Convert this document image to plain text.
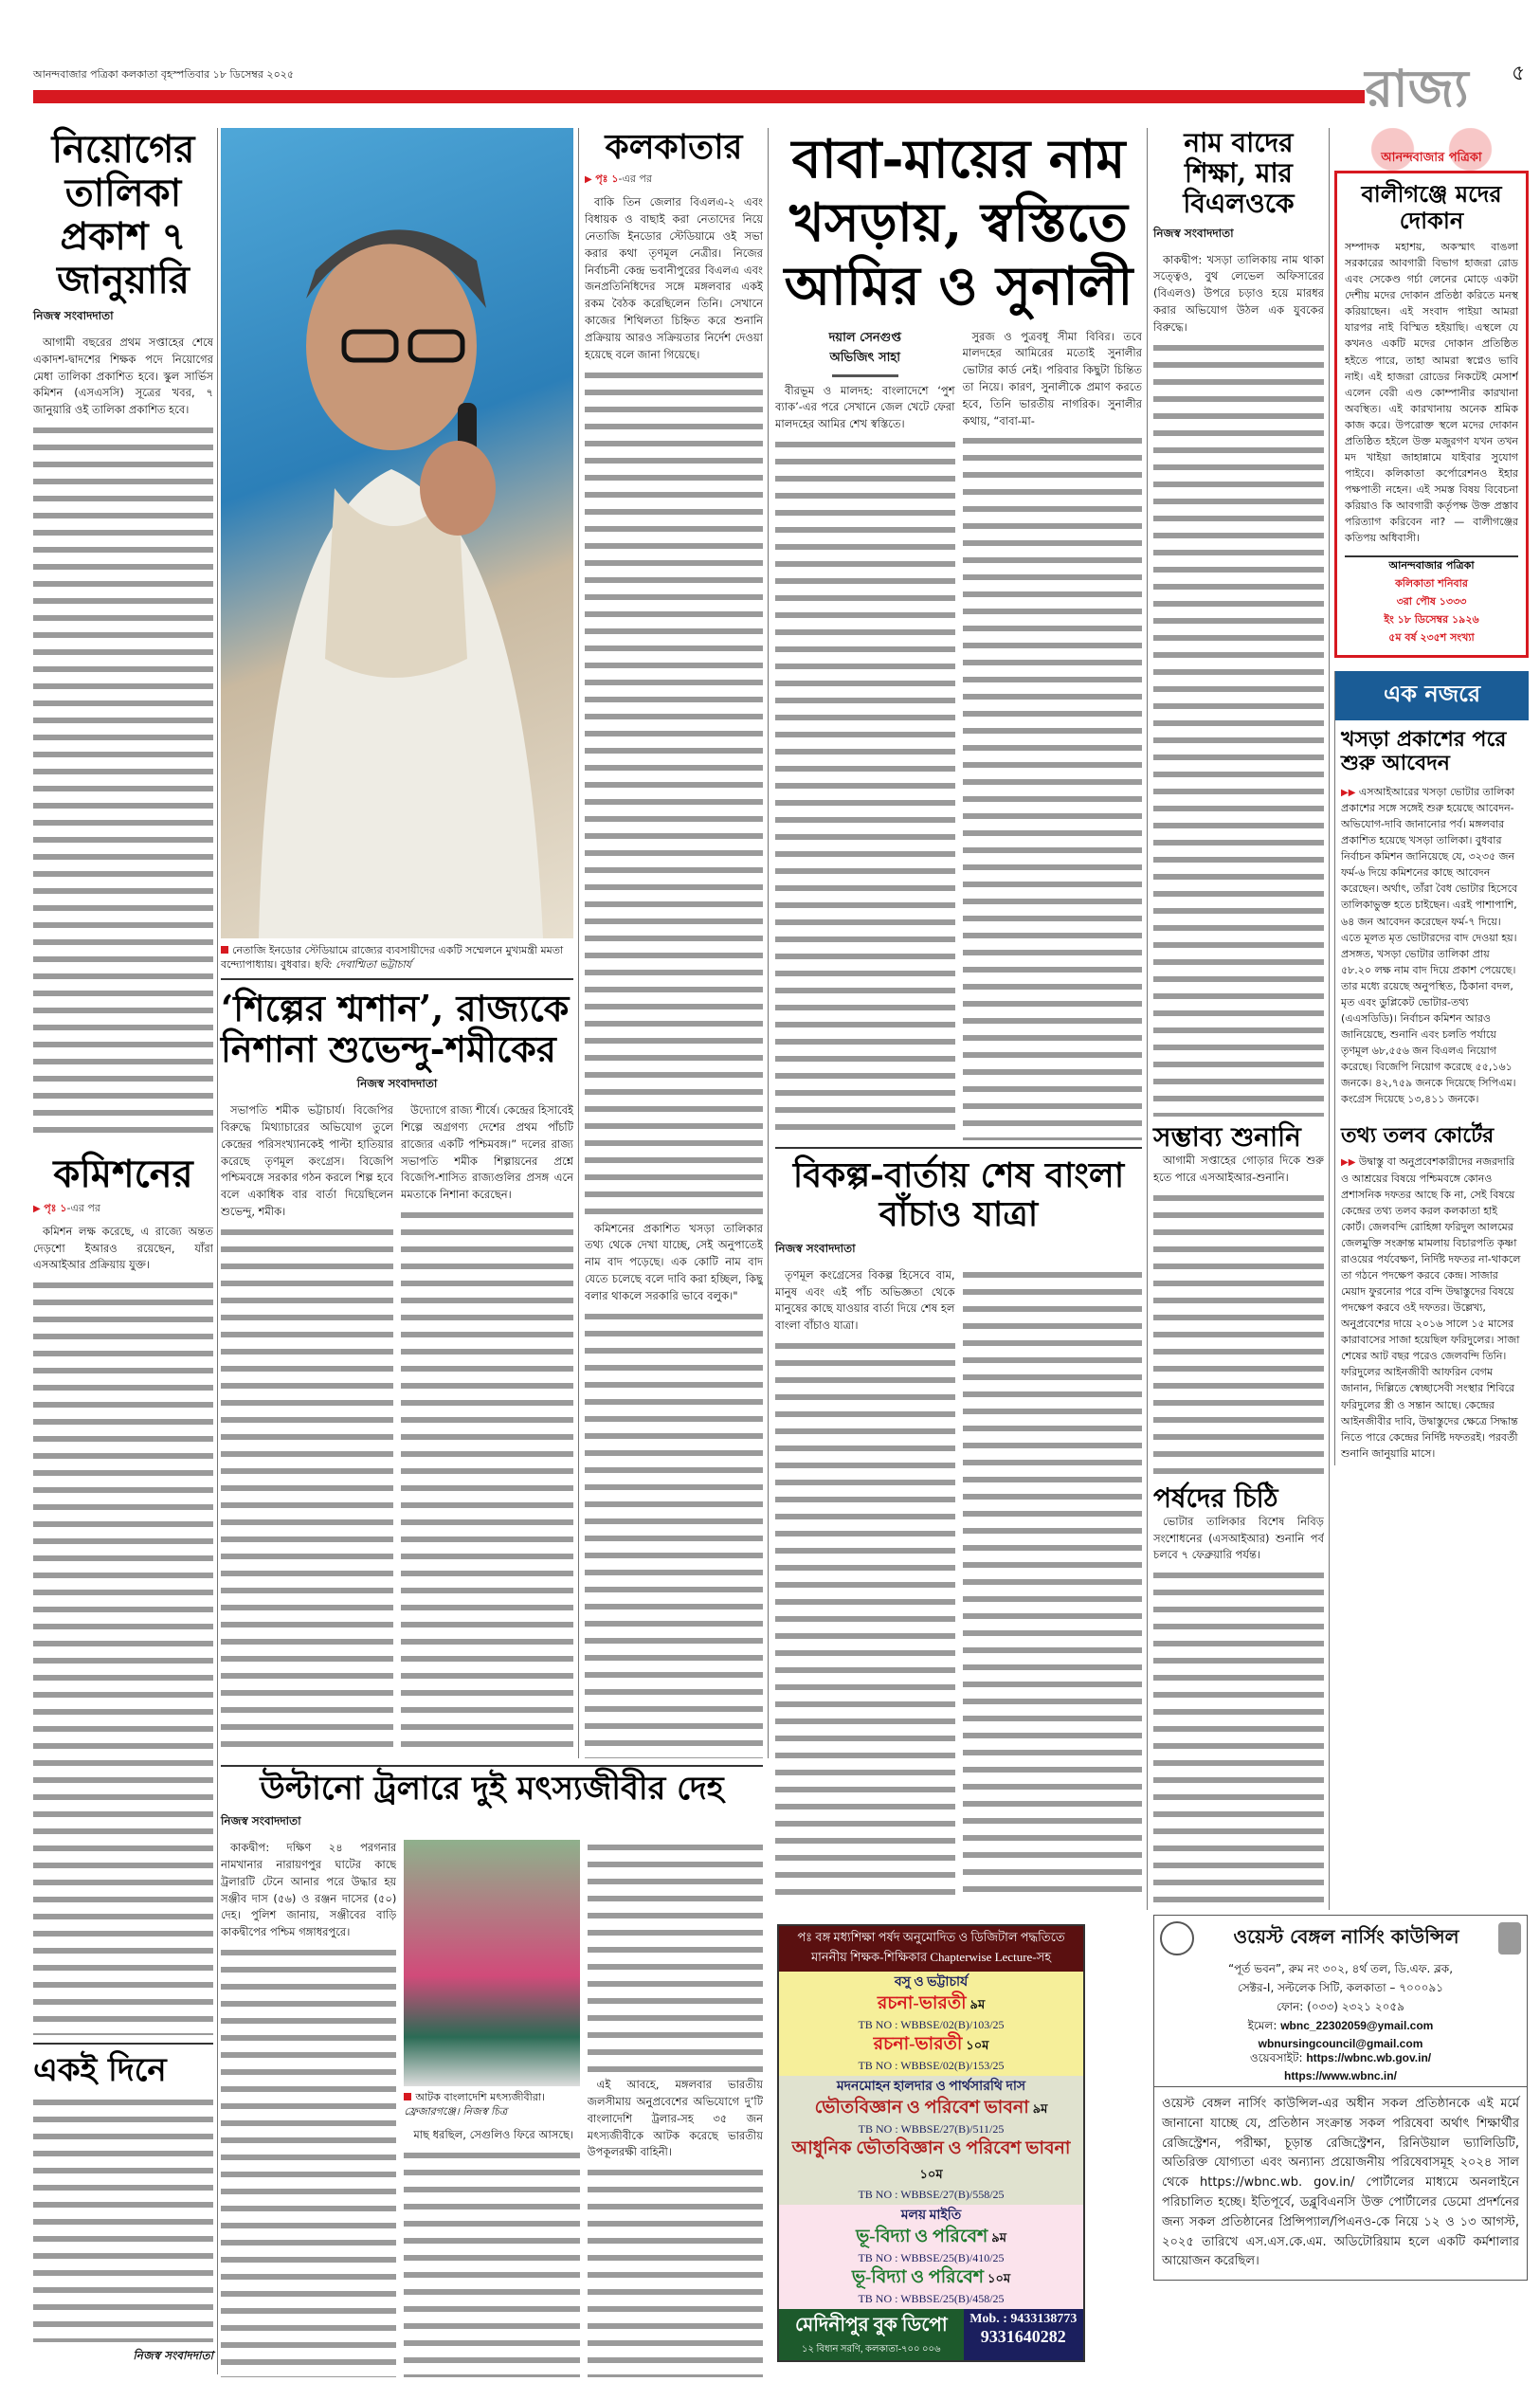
আনন্দবাজার পত্রিকা কলকাতা বৃহস্পতিবার ১৮ ডিসেম্বর ২০২৫	রাজ্য ৫
নিয়োগের তালিকা প্রকাশ ৭ জানুয়ারি
নিজস্ব সংবাদদাতা

আগামী বছরের প্রথম সপ্তাহের শেষে একাদশ-দ্বাদশের শিক্ষক পদে নিয়োগের মেধা তালিকা প্রকাশিত হবে। স্কুল সার্ভিস কমিশন (এসএসসি) সূত্রের খবর, ৭ জানুয়ারি ওই তালিকা প্রকাশিত হবে।

কমিশনের
▶ পৃঃ ১-এর পর

কমিশন লক্ষ করেছে, এ রাজ্যে অন্তত দেড়শো ইআরও রয়েছেন, যাঁরা এসআইআর প্রক্রিয়ায় যুক্ত।

একই দিনে
নিজস্ব সংবাদদাতা
নেতাজি ইনডোর স্টেডিয়ামে রাজ্যের ব্যবসায়ীদের একটি সম্মেলনে মুখ্যমন্ত্রী মমতা বন্দ্যোপাধ্যায়। বুধবার। ছবি: দেবাশ্মিতা ভট্টাচার্য
‘শিল্পের শ্মশান’, রাজ্যকে নিশানা শুভেন্দু-শমীকের
নিজস্ব সংবাদদাতা

সভাপতি শমীক ভট্টাচার্য। বিজেপির বিরুদ্ধে মিথ্যাচারের অভিযোগ তুলে কেন্দ্রের পরিসংখ্যানকেই পাল্টা হাতিয়ার করেছে তৃণমূল কংগ্রেস। বিজেপি পশ্চিমবঙ্গে সরকার গঠন করলে শিল্প হবে বলে একাধিক বার বার্তা দিয়েছিলেন শুভেন্দু, শমীক।

উদ্যোগে রাজ্য শীর্ষে। কেন্দ্রের হিসাবেই শিল্পে অগ্রগণ্য দেশের প্রথম পাঁচটি রাজ্যের একটি পশ্চিমবঙ্গ।” দলের রাজ্য সভাপতি শমীক শিল্পায়নের প্রশ্নে বিজেপি-শাসিত রাজ্যগুলির প্রসঙ্গ এনে মমতাকে নিশানা করেছেন।

কলকাতার
▶ পৃঃ ১-এর পর

বাকি তিন জেলার বিএলএ-২ এবং বিধায়ক ও বাছাই করা নেতাদের নিয়ে নেতাজি ইনডোর স্টেডিয়ামে ওই সভা করার কথা তৃণমূল নেত্রীর। নিজের নির্বাচনী কেন্দ্র ভবানীপুরের বিএলএ এবং জনপ্রতিনিধিদের সঙ্গে মঙ্গলবার একই রকম বৈঠক করেছিলেন তিনি। সেখানে কাজের শিথিলতা চিহ্নিত করে শুনানি প্রক্রিয়ায় আরও সক্রিয়তার নির্দেশ দেওয়া হয়েছে বলে জানা গিয়েছে।

কমিশনের প্রকাশিত খসড়া তালিকার তথ্য থেকে দেখা যাচ্ছে, সেই অনুপাতেই নাম বাদ পড়েছে। এক কোটি নাম বাদ যেতে চলেছে বলে দাবি করা হচ্ছিল, কিছু বলার থাকলে সরকারি ভাবে বলুক।"

বাবা-মায়ের নাম খসড়ায়, স্বস্তিতে আমির ও সুনালী
দয়াল সেনগুপ্ত
অভিজিৎ সাহা

বীরভূম ও মালদহ: বাংলাদেশে ‘পুশ ব্যাক’-এর পরে সেখানে জেল খেটে ফেরা মালদহের আমির শেখ স্বস্তিতে।

সুরজ ও পুত্রবধূ সীমা বিবির। তবে মালদহের আমিরের মতোই সুনালীর ভোটার কার্ড নেই। পরিবার কিছুটা চিন্তিত তা নিয়ে। কারণ, সুনালীকে প্রমাণ করতে হবে, তিনি ভারতীয় নাগরিক। সুনালীর কথায়, “বাবা-মা-

বিকল্প-বার্তায় শেষ বাংলা বাঁচাও যাত্রা
নিজস্ব সংবাদদাতা

তৃণমূল কংগ্রেসের বিকল্প হিসেবে বাম, মানুষ এবং এই পাঁচ অভিজ্ঞতা থেকে মানুষের কাছে যাওয়ার বার্তা দিয়ে শেষ হল বাংলা বাঁচাও যাত্রা।

নাম বাদের শিক্ষা, মার বিএলওকে
নিজস্ব সংবাদদাতা

কাকদ্বীপ: খসড়া তালিকায় নাম থাকা সত্ত্বেও, বুথ লেভেল অফিসারের (বিএলও) উপরে চড়াও হয়ে মারধর করার অভিযোগ উঠল এক যুবকের বিরুদ্ধে।

সম্ভাব্য শুনানি

আগামী সপ্তাহের গোড়ার দিকে শুরু হতে পারে এসআইআর-শুনানি।

পর্ষদের চিঠি

ভোটার তালিকার বিশেষ নিবিড় সংশোধনের (এসআইআর) শুনানি পর্ব চলবে ৭ ফেব্রুয়ারি পর্যন্ত।

আনন্দবাজার পত্রিকা
বালীগঞ্জে মদের দোকান

সম্পাদক মহাশয়, অকস্মাৎ বাঙলা সরকারের আবগারী বিভাগ হাজরা রোড এবং সেকেণ্ড গর্চা লেনের মোড়ে একটা দেশীয় মদের দোকান প্রতিষ্ঠা করিতে মনস্থ করিয়াছেন। এই সংবাদ পাইয়া আমরা যারপর নাই বিস্মিত হইয়াছি। এস্থলে যে কখনও একটি মদের দোকান প্রতিষ্ঠিত হইতে পারে, তাহা আমরা স্বপ্নেও ভাবি নাই। এই হাজরা রোডের নিকটেই মেসার্শ এলেন বেরী এণ্ড কোম্পানীর কারখানা অবস্থিত। এই কারখানায় অনেক শ্রমিক কাজ করে। উপরোক্ত স্থলে মদের দোকান প্রতিষ্ঠিত হইলে উক্ত মজুরগণ যখন তখন মদ খাইয়া জাহান্নামে যাইবার সুযোগ পাইবে। কলিকাতা কর্পোরেশনও ইহার পক্ষপাতী নহেন। এই সমস্ত বিষয় বিবেচনা করিয়াও কি আবগারী কর্তৃপক্ষ উক্ত প্রস্তাব পরিত্যাগ করিবেন না? — বালীগঞ্জের কতিপয় অধিবাসী।

আনন্দবাজার পত্রিকা
কলিকাতা শনিবার
৩রা পৌষ ১৩৩৩
ইং ১৮ ডিসেম্বর ১৯২৬
৫ম বর্ষ ২৩৫শ সংখ্যা
এক নজরে
খসড়া প্রকাশের পরে শুরু আবেদন

▶▶ এসআইআরের খসড়া ভোটার তালিকা প্রকাশের সঙ্গে সঙ্গেই শুরু হয়েছে আবেদন-অভিযোগ-দাবি জানানোর পর্ব। মঙ্গলবার প্রকাশিত হয়েছে খসড়া তালিকা। বুধবার নির্বাচন কমিশন জানিয়েছে যে, ৩২৩৫ জন ফর্ম-৬ দিয়ে কমিশনের কাছে আবেদন করেছেন। অর্থাৎ, তাঁরা বৈধ ভোটার হিসেবে তালিকাভুক্ত হতে চাইছেন। এরই পাশাপাশি, ৬৪ জন আবেদন করেছেন ফর্ম-৭ দিয়ে। এতে মূলত মৃত ভোটারদের বাদ দেওয়া হয়। প্রসঙ্গত, খসড়া ভোটার তালিকা প্রায় ৫৮.২০ লক্ষ নাম বাদ দিয়ে প্রকাশ পেয়েছে। তার মধ্যে রয়েছে অনুপস্থিত, ঠিকানা বদল, মৃত এবং ডুপ্লিকেট ভোটার-তথ্য (এএসডিডি)। নির্বাচন কমিশন আরও জানিয়েছে, শুনানি এবং চলতি পর্যায়ে তৃণমূল ৬৮,৫৫৬ জন বিএলএ নিয়োগ করেছে। বিজেপি নিয়োগ করেছে ৫৫,১৬১ জনকে। ৪২,৭৫৯ জনকে দিয়েছে সিপিএম। কংগ্রেস দিয়েছে ১৩,৪১১ জনকে।

তথ্য তলব কোর্টের

▶▶ উদ্বাস্তু বা অনুপ্রবেশকারীদের নজরদারি ও আশ্রয়ের বিষয়ে পশ্চিমবঙ্গে কোনও প্রশাসনিক দফতর আছে কি না, সেই বিষয়ে কেন্দ্রের তথ্য তলব করল কলকাতা হাই কোর্ট। জেলবন্দি রোহিঙ্গা ফরিদুল আলমের জেলমুক্তি সংক্রান্ত মামলায় বিচারপতি কৃষ্ণা রাওয়ের পর্যবেক্ষণ, নির্দিষ্ট দফতর না-থাকলে তা গঠনে পদক্ষেপ করবে কেন্দ্র। সাজার মেয়াদ ফুরনোর পরে বন্দি উদ্বাস্তুদের বিষয়ে পদক্ষেপ করবে ওই দফতর। উল্লেখ্য, অনুপ্রবেশের দায়ে ২০১৬ সালে ১৫ মাসের কারাবাসের সাজা হয়েছিল ফরিদুলের। সাজা শেষের আট বছর পরেও জেলবন্দি তিনি। ফরিদুলের আইনজীবী আফরিন বেগম জানান, দিল্লিতে স্বেচ্ছাসেবী সংস্থার শিবিরে ফরিদুলের স্ত্রী ও সন্তান আছে। কেন্দ্রের আইনজীবীর দাবি, উদ্বাস্তুদের ক্ষেত্রে সিদ্ধান্ত নিতে পারে কেন্দ্রের নির্দিষ্ট দফতরই। পরবর্তী শুনানি জানুয়ারি মাসে।

উল্টানো ট্রলারে দুই মৎস্যজীবীর দেহ
নিজস্ব সংবাদদাতা

কাকদ্বীপ: দক্ষিণ ২৪ পরগনার নামখানার নারায়ণপুর ঘাটের কাছে ট্রলারটি টেনে আনার পরে উদ্ধার হয় সঞ্জীব দাস (৫৬) ও রঞ্জন দাসের (৫০) দেহ। পুলিশ জানায়, সঞ্জীবের বাড়ি কাকদ্বীপের পশ্চিম গঙ্গাধরপুরে।

আটক বাংলাদেশি মৎস্যজীবীরা। ফ্রেজারগঞ্জে। নিজস্ব চিত্র

মাছ ধরছিল, সেগুলিও ফিরে আসছে।

এই আবহে, মঙ্গলবার ভারতীয় জলসীমায় অনুপ্রবেশের অভিযোগে দু’টি বাংলাদেশি ট্রলার-সহ ৩৫ জন মৎস্যজীবীকে আটক করেছে ভারতীয় উপকূলরক্ষী বাহিনী।

পঃ বঙ্গ মধ্যশিক্ষা পর্ষদ অনুমোদিত ও ডিজিটাল পদ্ধতিতে
মাননীয় শিক্ষক-শিক্ষিকার Chapterwise Lecture-সহ
বসু ও ভট্টাচার্য
রচনা-ভারতী ৯ম
TB NO : WBBSE/02(B)/103/25
রচনা-ভারতী ১০ম
TB NO : WBBSE/02(B)/153/25
মদনমোহন হালদার ও পার্থসারথি দাস
ভৌতবিজ্ঞান ও পরিবেশ ভাবনা ৯ম
TB NO : WBBSE/27(B)/511/25
আধুনিক ভৌতবিজ্ঞান ও পরিবেশ ভাবনা ১০ম
TB NO : WBBSE/27(B)/558/25
মলয় মাইতি
ভূ-বিদ্যা ও পরিবেশ ৯ম
TB NO : WBBSE/25(B)/410/25
ভূ-বিদ্যা ও পরিবেশ ১০ম
TB NO : WBBSE/25(B)/458/25
মেদিনীপুর বুক ডিপো
১২ বিধান সরণি, কলকাতা-৭০০ ০০৬
Mob. : 9433138773
9331640282
ওয়েস্ট বেঙ্গল নার্সিং কাউন্সিল
“পূর্ত ভবন”, রুম নং ৩০২, ৪র্থ তল, ডি.এফ. ব্লক,
সেক্টর-I, সল্টলেক সিটি, কলকাতা – ৭০০০৯১
ফোন: (০৩৩) ২৩২১ ২০৫৯
ইমেল: wbnc_22302059@ymail.com
wbnursingcouncil@gmail.com
ওয়েবসাইট: https://wbnc.wb.gov.in/
https://www.wbnc.in/
ওয়েস্ট বেঙ্গল নার্সিং কাউন্সিল-এর অধীন সকল প্রতিষ্ঠানকে এই মর্মে জানানো যাচ্ছে যে, প্রতিষ্ঠান সংক্রান্ত সকল পরিষেবা অর্থাৎ শিক্ষার্থীর রেজিস্ট্রেশন, পরীক্ষা, চূড়ান্ত রেজিস্ট্রেশন, রিনিউয়াল ভ্যালিডিটি, অতিরিক্ত যোগ্যতা এবং অন্যান্য প্রয়োজনীয় পরিষেবাসমূহ ২০২৪ সাল থেকে https://wbnc.wb. gov.in/ পোর্টালের মাধ্যমে অনলাইনে পরিচালিত হচ্ছে। ইতিপূর্বে, ডব্লুবিএনসি উক্ত পোর্টালের ডেমো প্রদর্শনের জন্য সকল প্রতিষ্ঠানের প্রিন্সিপ্যাল/পিএনও-কে নিয়ে ১২ ও ১৩ আগস্ট, ২০২৫ তারিখে এস.এস.কে.এম. অডিটোরিয়াম হলে একটি কর্মশালার আয়োজন করেছিল।
